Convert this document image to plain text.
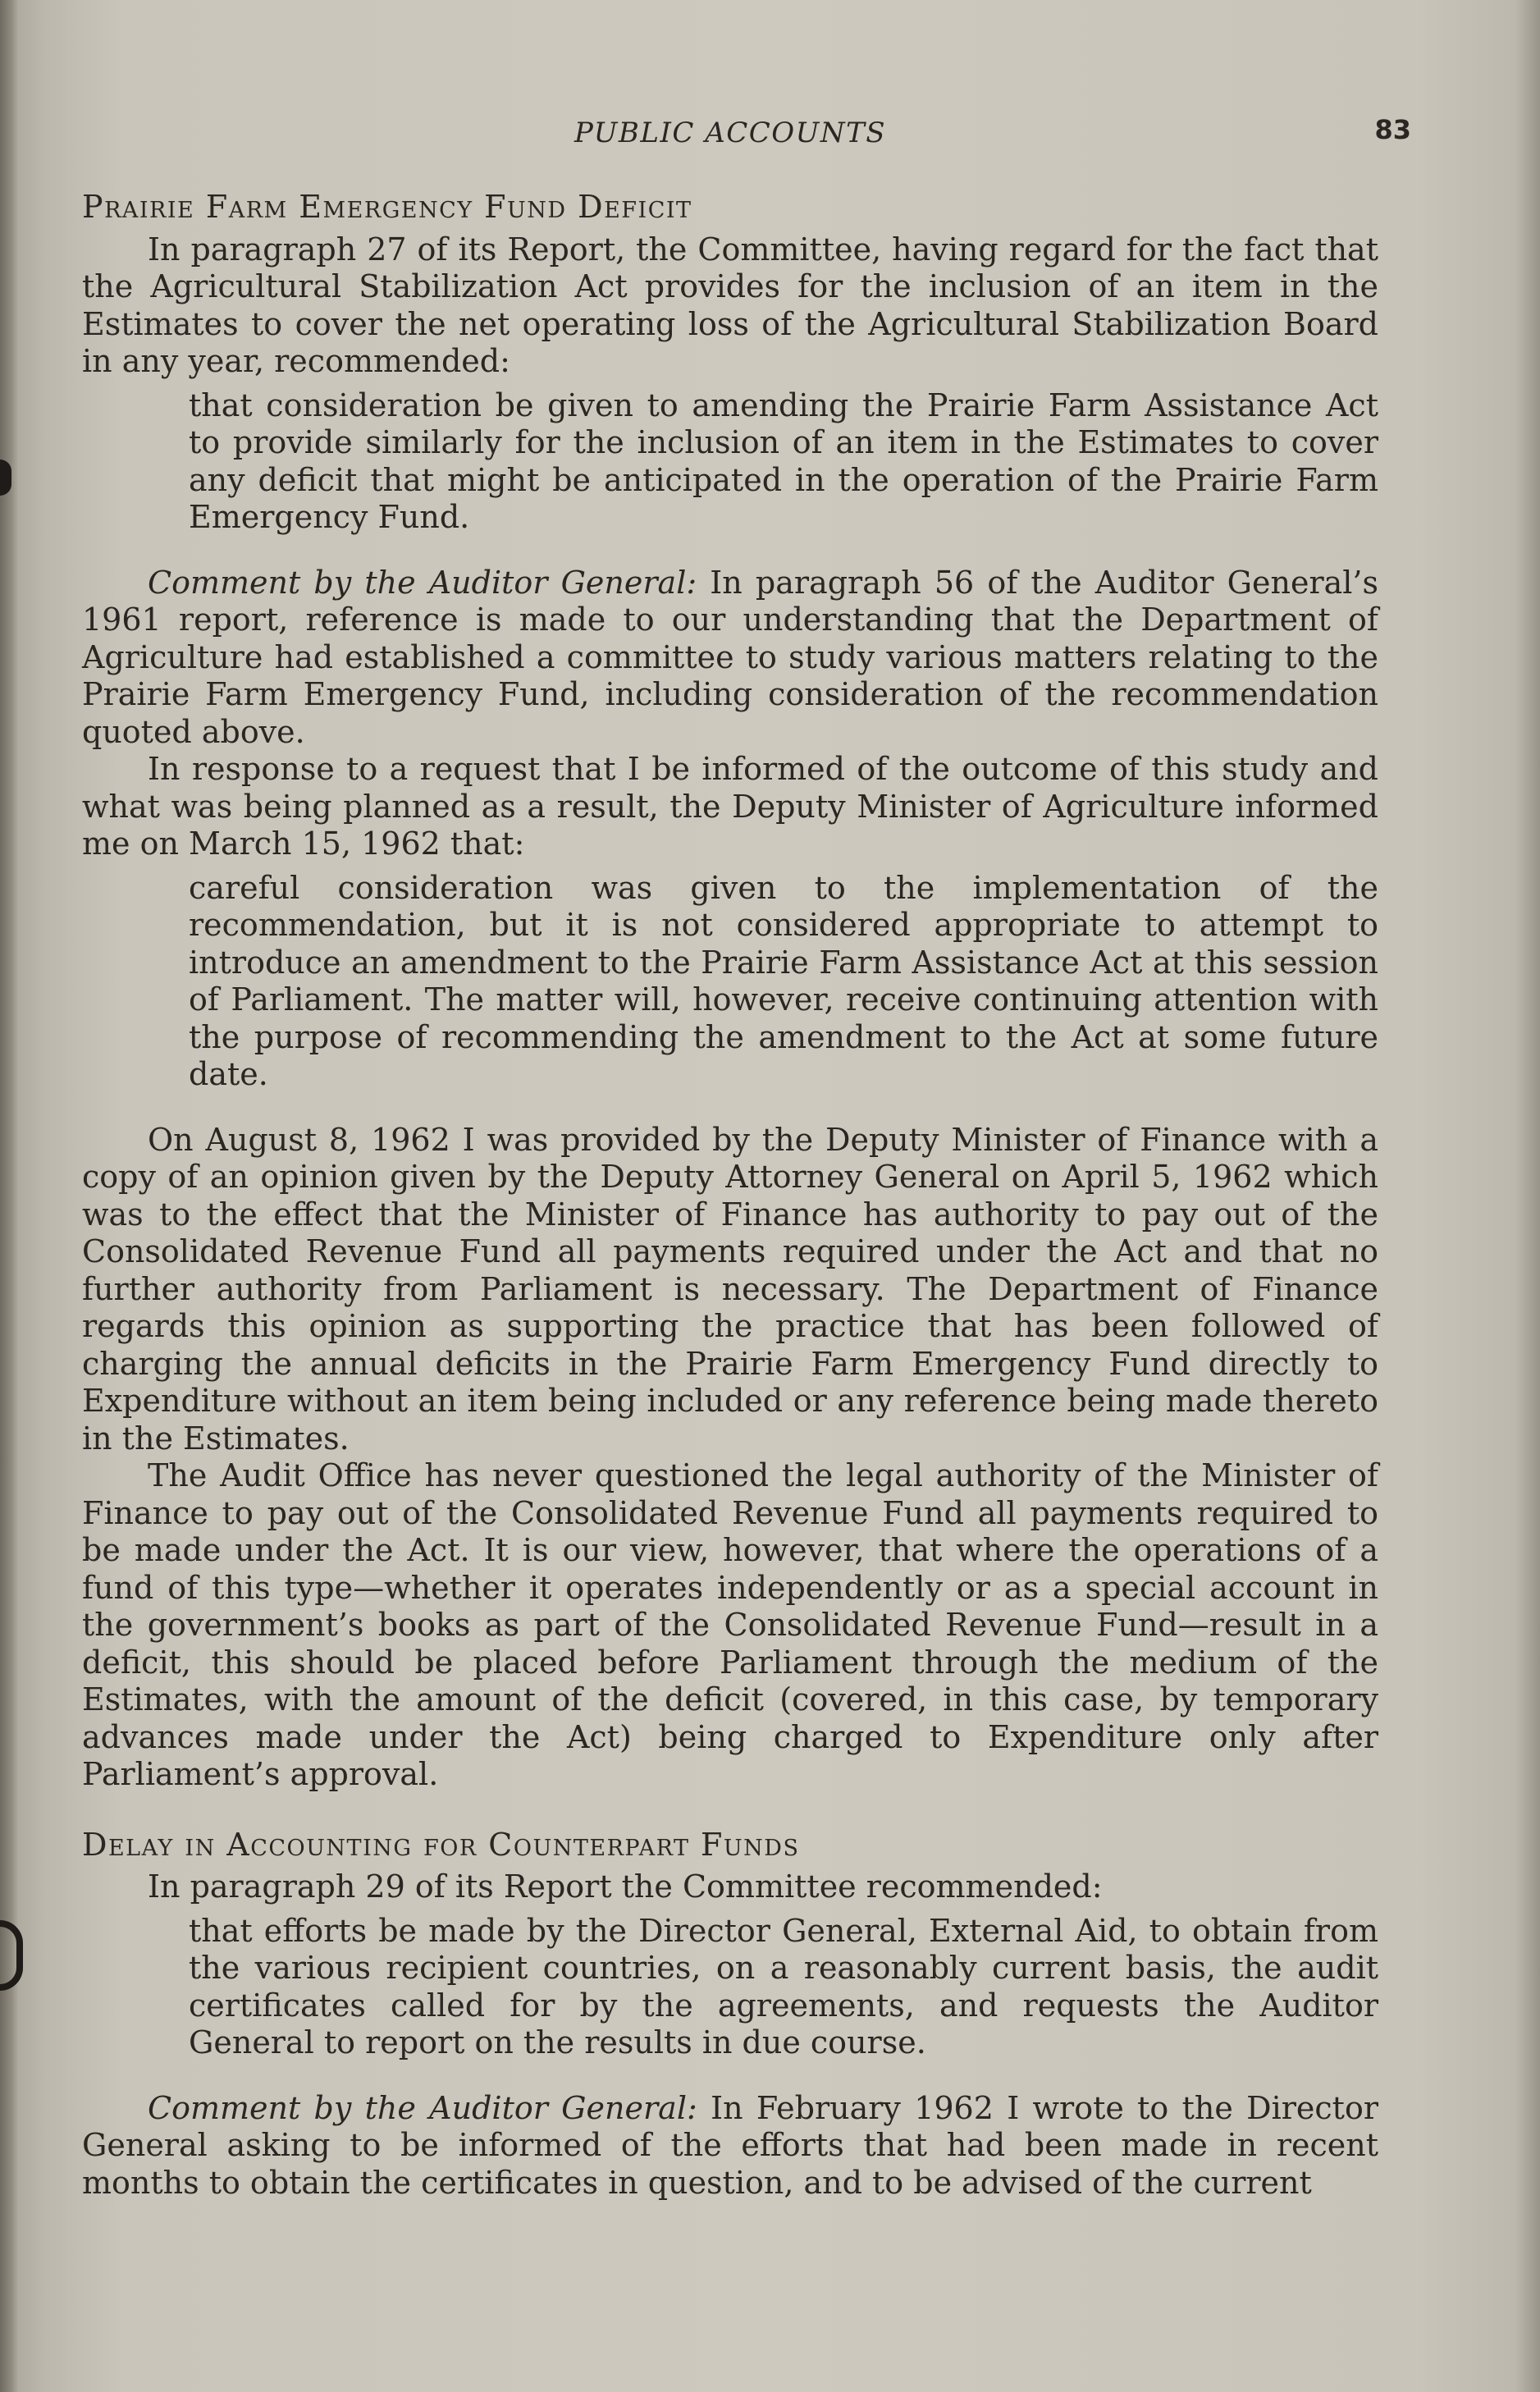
PUBLIC ACCOUNTS	83
Prairie Farm Emergency Fund Deficit

In paragraph 27 of its Report, the Committee, having regard for the fact that the Agricultural Stabilization Act provides for the inclusion of an item in the Estimates to cover the net operating loss of the Agricultural Stabilization Board in any year, recommended:

that consideration be given to amending the Prairie Farm Assistance Act to provide similarly for the inclusion of an item in the Estimates to cover any deficit that might be anticipated in the operation of the Prairie Farm Emergency Fund.

Comment by the Auditor General: In paragraph 56 of the Auditor General’s 1961 report, reference is made to our understanding that the Department of Agriculture had established a committee to study various matters relating to the Prairie Farm Emergency Fund, including consideration of the recommendation quoted above.

In response to a request that I be informed of the outcome of this study and what was being planned as a result, the Deputy Minister of Agriculture informed me on March 15, 1962 that:

careful consideration was given to the implementation of the recommendation, but it is not considered appropriate to attempt to introduce an amendment to the Prairie Farm Assistance Act at this session of Parliament. The matter will, however, receive continuing attention with the purpose of recommending the amendment to the Act at some future date.

On August 8, 1962 I was provided by the Deputy Minister of Finance with a copy of an opinion given by the Deputy Attorney General on April 5, 1962 which was to the effect that the Minister of Finance has authority to pay out of the Consolidated Revenue Fund all payments required under the Act and that no further authority from Parliament is necessary. The Department of Finance regards this opinion as supporting the practice that has been followed of charging the annual deficits in the Prairie Farm Emergency Fund directly to Expenditure without an item being included or any reference being made thereto in the Estimates.

The Audit Office has never questioned the legal authority of the Minister of Finance to pay out of the Consolidated Revenue Fund all payments required to be made under the Act. It is our view, however, that where the operations of a fund of this type—whether it operates independently or as a special account in the government’s books as part of the Consolidated Revenue Fund—result in a deficit, this should be placed before Parliament through the medium of the Estimates, with the amount of the deficit (covered, in this case, by temporary advances made under the Act) being charged to Expenditure only after Parliament’s approval.

Delay in Accounting for Counterpart Funds

In paragraph 29 of its Report the Committee recommended:

that efforts be made by the Director General, External Aid, to obtain from the various recipient countries, on a reasonably current basis, the audit certificates called for by the agreements, and requests the Auditor General to report on the results in due course.

Comment by the Auditor General: In February 1962 I wrote to the Director General asking to be informed of the efforts that had been made in recent months to obtain the certificates in question, and to be advised of the current
